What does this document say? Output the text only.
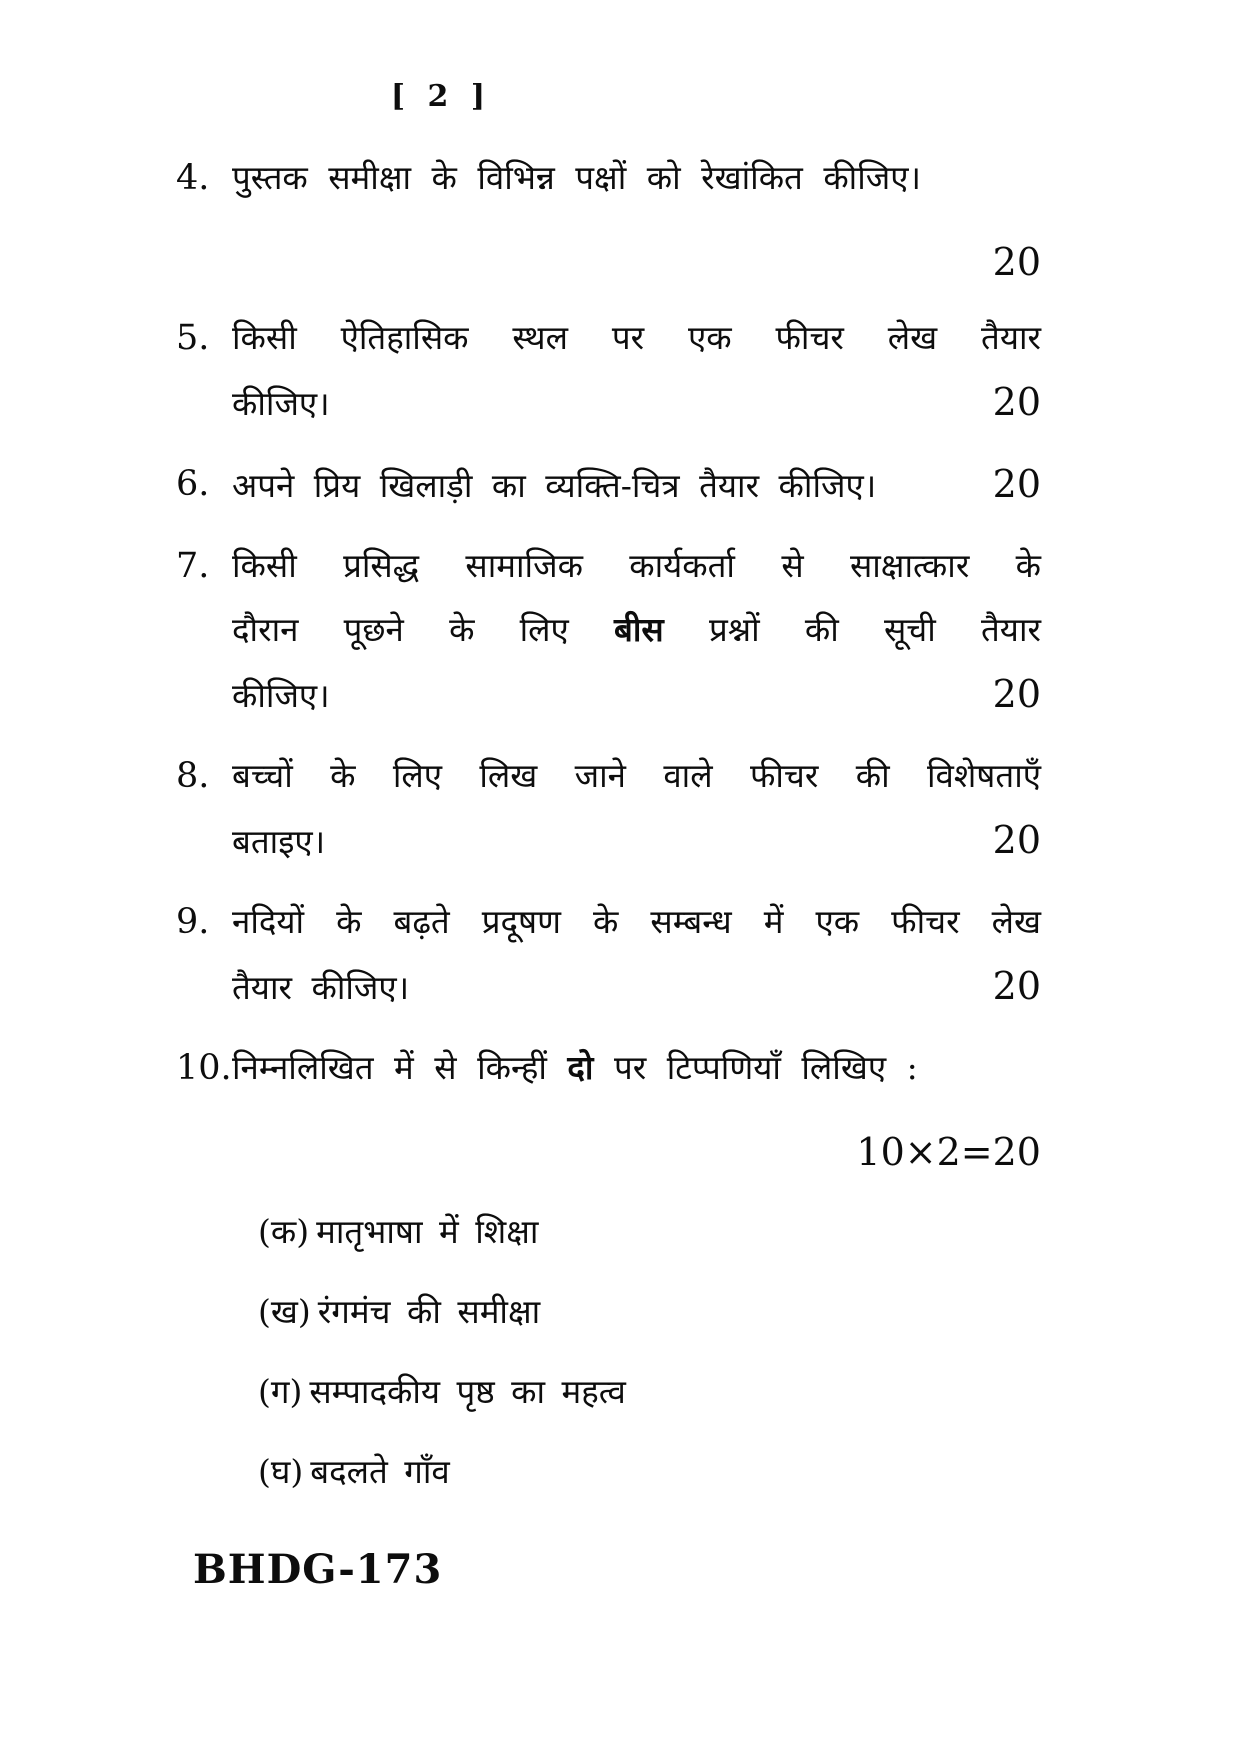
[ 2 ]
4. पुस्तक समीक्षा के विभिन्न पक्षों को रेखांकित कीजिए।
20
5. किसी ऐतिहासिक स्थल पर एक फीचर लेख तैयार
कीजिए।	20
6. अपने प्रिय खिलाड़ी का व्यक्ति-चित्र तैयार कीजिए।	20
7. किसी प्रसिद्ध सामाजिक कार्यकर्ता से साक्षात्कार के
दौरान पूछने के लिए बीस प्रश्नों की सूची तैयार
कीजिए।	20
8. बच्चों के लिए लिख जाने वाले फीचर की विशेषताएँ
बताइए।	20
9. नदियों के बढ़ते प्रदूषण के सम्बन्ध में एक फीचर लेख
तैयार कीजिए।	20
10. निम्नलिखित में से किन्हीं दो पर टिप्पणियाँ लिखिए :
10×2=20
(क) मातृभाषा में शिक्षा
(ख) रंगमंच की समीक्षा
(ग) सम्पादकीय पृष्ठ का महत्व
(घ) बदलते गाँव
BHDG-173
